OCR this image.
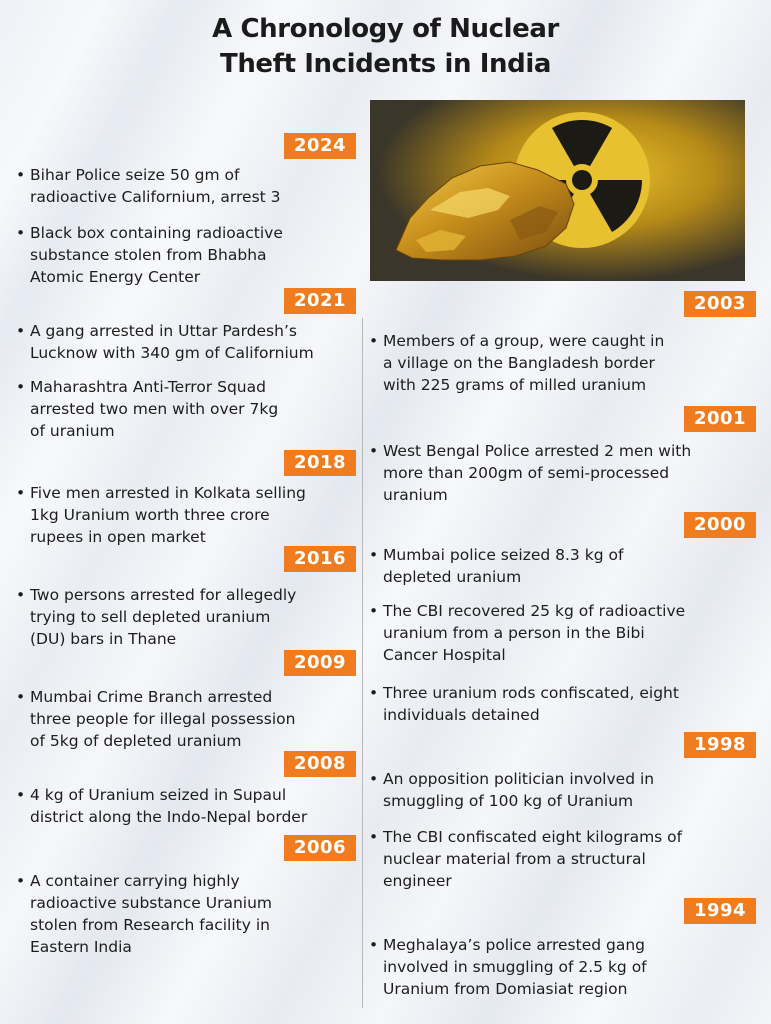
A Chronology of Nuclear
Theft Incidents in India
2024
• Bihar Police seize 50 gm of
radioactive Californium, arrest 3
• Black box containing radioactive
substance stolen from Bhabha
Atomic Energy Center
2021
• A gang arrested in Uttar Pardesh’s
Lucknow with 340 gm of Californium
• Maharashtra Anti-Terror Squad
arrested two men with over 7kg
of uranium
2018
• Five men arrested in Kolkata selling
1kg Uranium worth three crore
rupees in open market
2016
• Two persons arrested for allegedly
trying to sell depleted uranium
(DU) bars in Thane
2009
• Mumbai Crime Branch arrested
three people for illegal possession
of 5kg of depleted uranium
2008
• 4 kg of Uranium seized in Supaul
district along the Indo-Nepal border
2006
• A container carrying highly
radioactive substance Uranium
stolen from Research facility in
Eastern India
2003
• Members of a group, were caught in
a village on the Bangladesh border
with 225 grams of milled uranium
2001
• West Bengal Police arrested 2 men with
more than 200gm of semi-processed
uranium
2000
• Mumbai police seized 8.3 kg of
depleted uranium
• The CBI recovered 25 kg of radioactive
uranium from a person in the Bibi
Cancer Hospital
• Three uranium rods confiscated, eight
individuals detained
1998
• An opposition politician involved in
smuggling of 100 kg of Uranium
• The CBI confiscated eight kilograms of
nuclear material from a structural
engineer
1994
• Meghalaya’s police arrested gang
involved in smuggling of 2.5 kg of
Uranium from Domiasiat region
